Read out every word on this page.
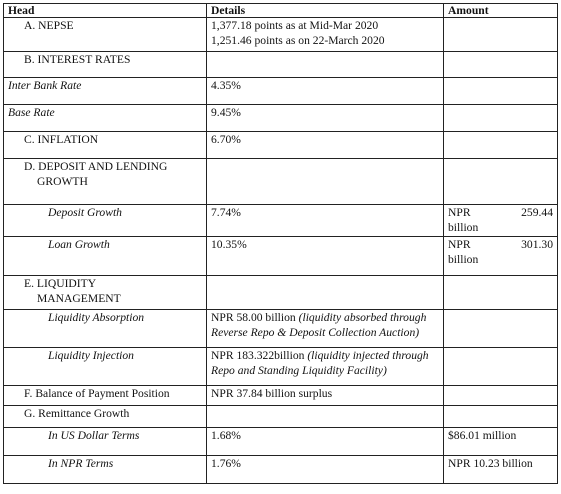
Head	Details	Amount
A. NEPSE	1,377.18 points as at Mid-Mar 2020
1,251.46 points as on 22-March 2020	

B. INTEREST RATES		
Inter Bank Rate	4.35%	
Base Rate	9.45%	
C. INFLATION	6.70%	

D. DEPOSIT AND LENDING
GROWTH		

Deposit Growth	7.74%	NPR 259.44
billion

Loan Growth	10.35%	NPR 301.30
billion

E. LIQUIDITY
MANAGEMENT		

Liquidity Absorption	NPR 58.00 billion (liquidity absorbed through
Reverse Repo & Deposit Collection Auction)	

Liquidity Injection	NPR 183.322billion (liquidity injected through
Repo and Standing Liquidity Facility)	

F. Balance of Payment Position	NPR 37.84 billion surplus	
G. Remittance Growth		
In US Dollar Terms	1.68%	$86.01 million
In NPR Terms	1.76%	NPR 10.23 billion
